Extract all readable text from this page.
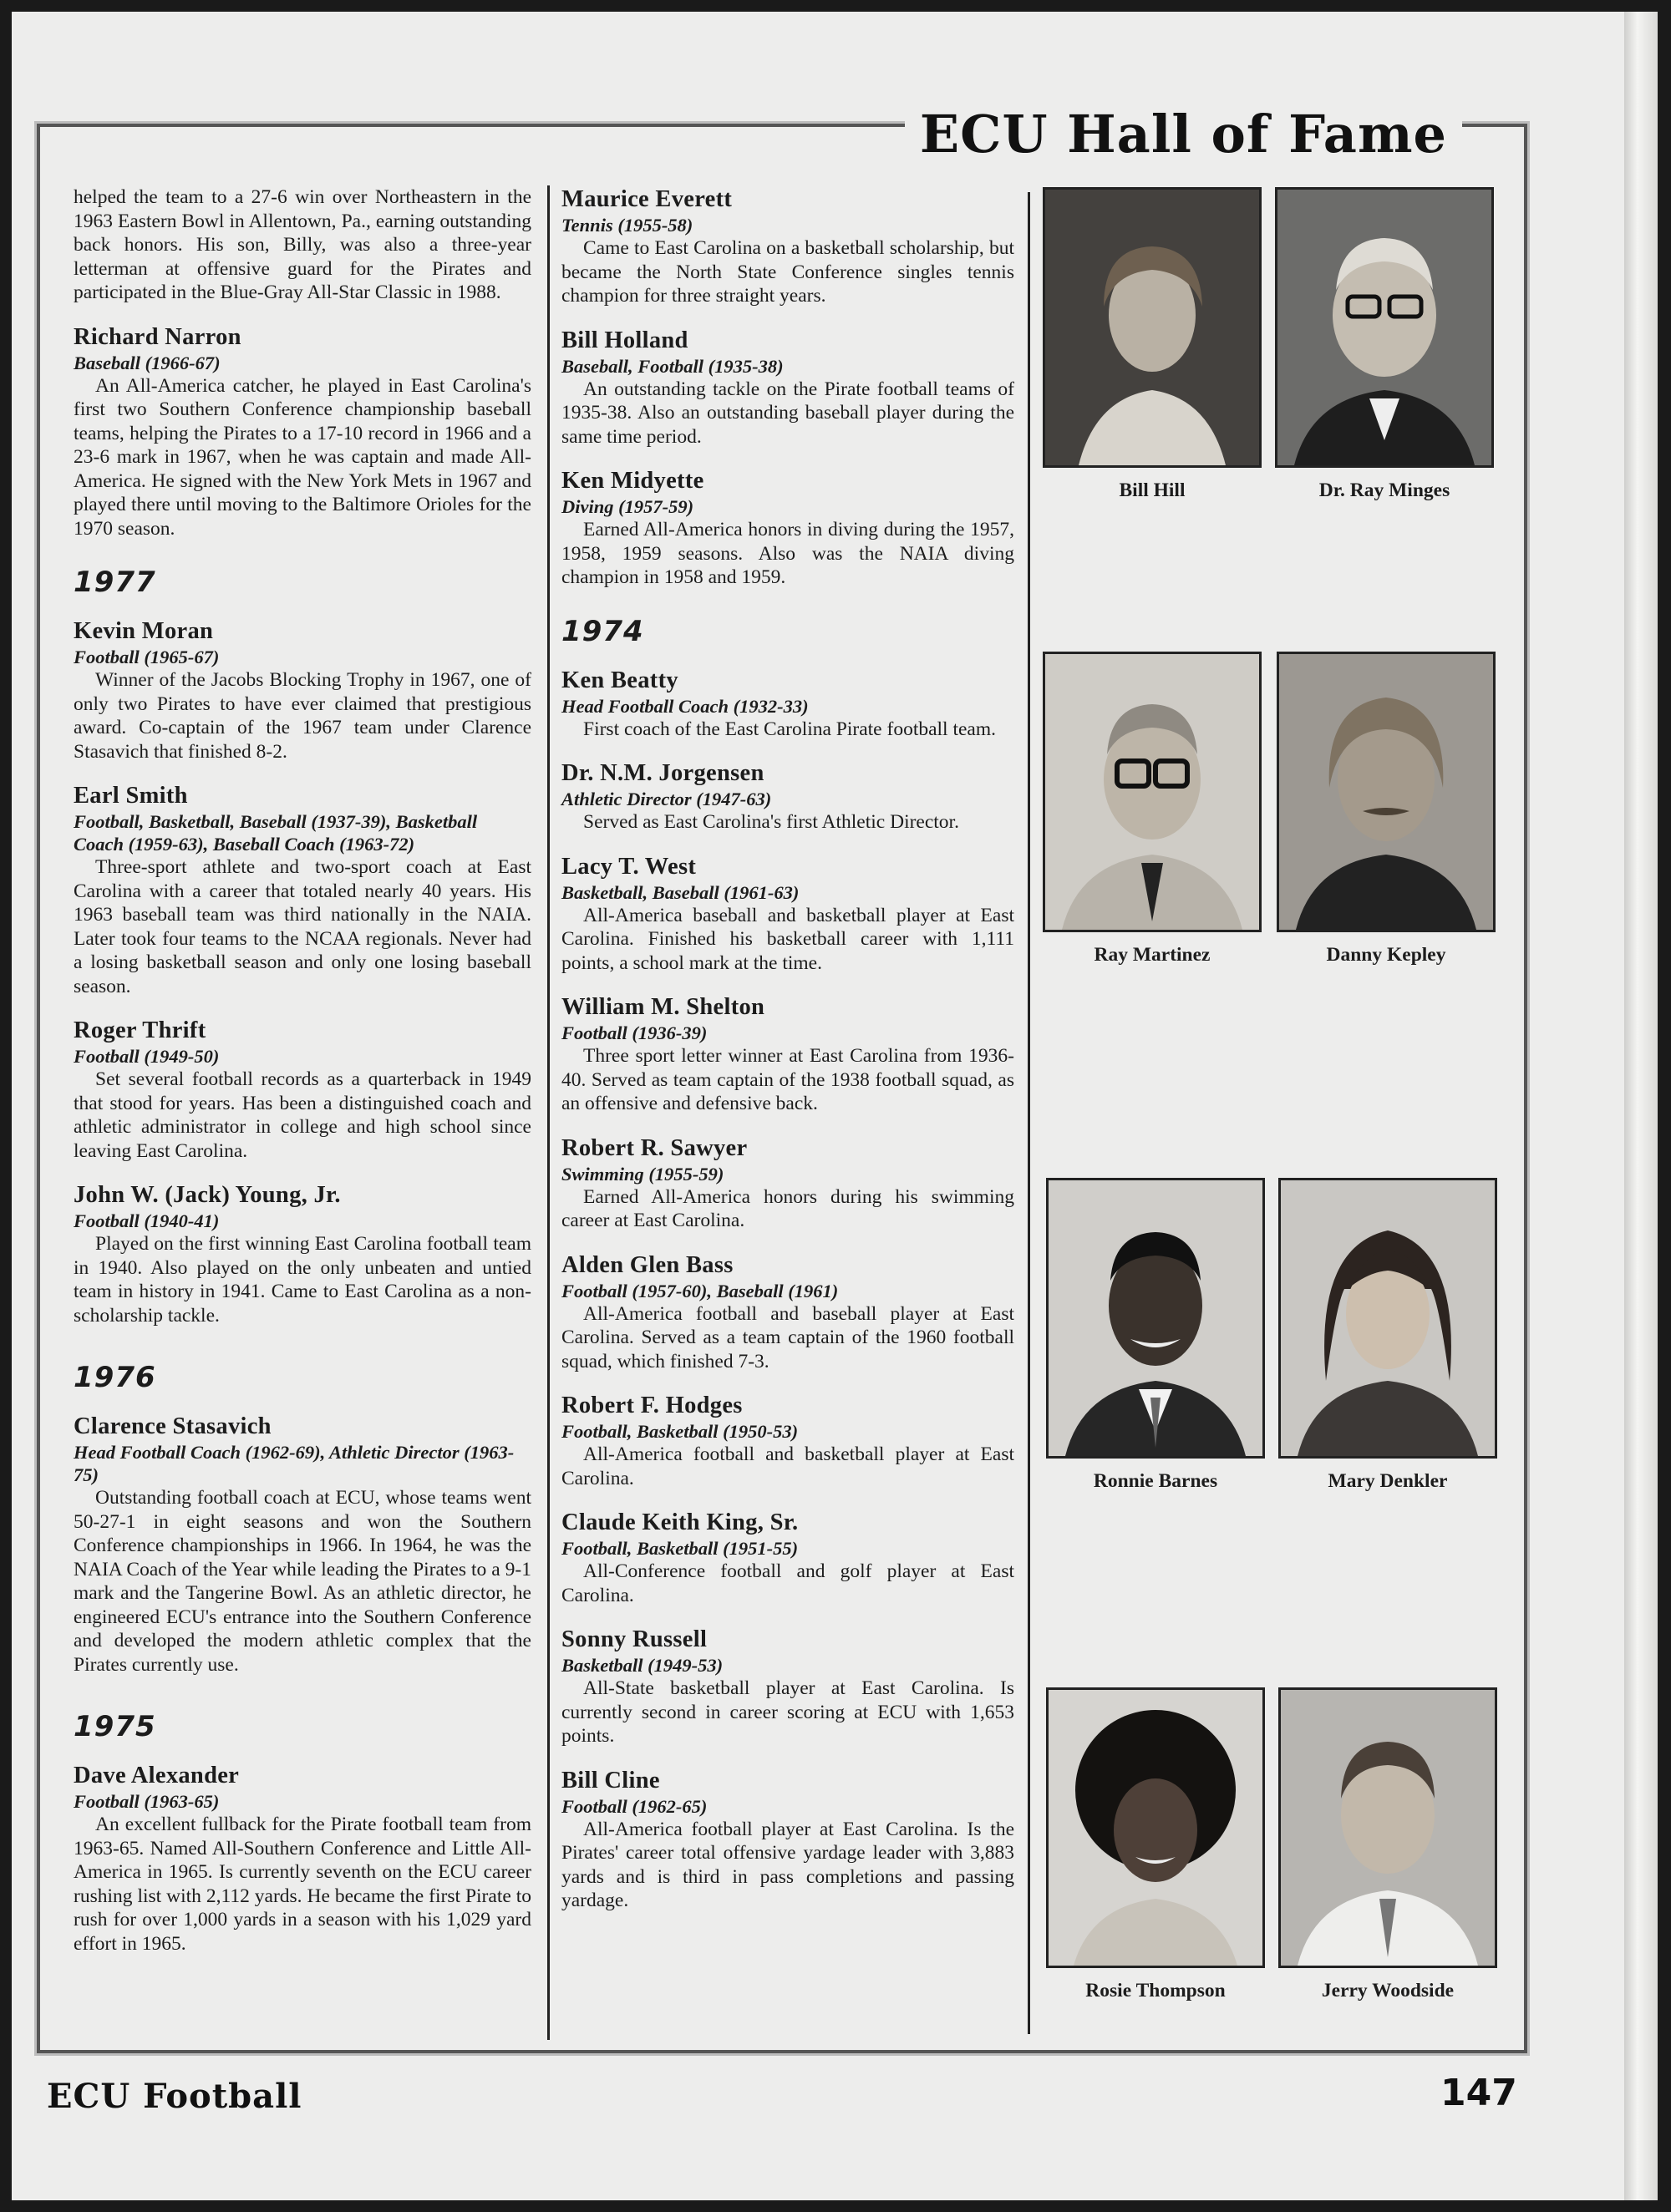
ECU Hall of Fame

helped the team to a 27-6 win over Northeastern in the 1963 Eastern Bowl in Allentown, Pa., earning outstanding back honors. His son, Billy, was also a three-year letterman at offensive guard for the Pirates and participated in the Blue-Gray All-Star Classic in 1988.

Richard Narron
Baseball (1966-67)

An All-America catcher, he played in East Carolina's first two Southern Conference championship baseball teams, helping the Pirates to a 17-10 record in 1966 and a 23-6 mark in 1967, when he was captain and made All-America. He signed with the New York Mets in 1967 and played there until moving to the Baltimore Orioles for the 1970 season.

1977
Kevin Moran
Football (1965-67)

Winner of the Jacobs Blocking Trophy in 1967, one of only two Pirates to have ever claimed that prestigious award. Co-captain of the 1967 team under Clarence Stasavich that finished 8-2.

Earl Smith
Football, Basketball, Baseball (1937-39), Basketball Coach (1959-63), Baseball Coach (1963-72)

Three-sport athlete and two-sport coach at East Carolina with a career that totaled nearly 40 years. His 1963 baseball team was third nationally in the NAIA. Later took four teams to the NCAA regionals. Never had a losing basketball season and only one losing baseball season.

Roger Thrift
Football (1949-50)

Set several football records as a quarterback in 1949 that stood for years. Has been a distinguished coach and athletic administrator in college and high school since leaving East Carolina.

John W. (Jack) Young, Jr.
Football (1940-41)

Played on the first winning East Carolina football team in 1940. Also played on the only unbeaten and untied team in history in 1941. Came to East Carolina as a non-scholarship tackle.

1976
Clarence Stasavich
Head Football Coach (1962-69), Athletic Director (1963-75)

Outstanding football coach at ECU, whose teams went 50-27-1 in eight seasons and won the Southern Conference championships in 1966. In 1964, he was the NAIA Coach of the Year while leading the Pirates to a 9-1 mark and the Tangerine Bowl. As an athletic director, he engineered ECU's entrance into the Southern Conference and developed the modern athletic complex that the Pirates currently use.

1975
Dave Alexander
Football (1963-65)

An excellent fullback for the Pirate football team from 1963-65. Named All-Southern Conference and Little All-America in 1965. Is currently seventh on the ECU career rushing list with 2,112 yards. He became the first Pirate to rush for over 1,000 yards in a season with his 1,029 yard effort in 1965.

Maurice Everett
Tennis (1955-58)

Came to East Carolina on a basketball scholarship, but became the North State Conference singles tennis champion for three straight years.

Bill Holland
Baseball, Football (1935-38)

An outstanding tackle on the Pirate football teams of 1935-38. Also an outstanding baseball player during the same time period.

Ken Midyette
Diving (1957-59)

Earned All-America honors in diving during the 1957, 1958, 1959 seasons. Also was the NAIA diving champion in 1958 and 1959.

1974
Ken Beatty
Head Football Coach (1932-33)

First coach of the East Carolina Pirate football team.

Dr. N.M. Jorgensen
Athletic Director (1947-63)

Served as East Carolina's first Athletic Director.

Lacy T. West
Basketball, Baseball (1961-63)

All-America baseball and basketball player at East Carolina. Finished his basketball career with 1,111 points, a school mark at the time.

William M. Shelton
Football (1936-39)

Three sport letter winner at East Carolina from 1936-40. Served as team captain of the 1938 football squad, as an offensive and defensive back.

Robert R. Sawyer
Swimming (1955-59)

Earned All-America honors during his swimming career at East Carolina.

Alden Glen Bass
Football (1957-60), Baseball (1961)

All-America football and baseball player at East Carolina. Served as a team captain of the 1960 football squad, which finished 7-3.

Robert F. Hodges
Football, Basketball (1950-53)

All-America football and basketball player at East Carolina.

Claude Keith King, Sr.
Football, Basketball (1951-55)

All-Conference football and golf player at East Carolina.

Sonny Russell
Basketball (1949-53)

All-State basketball player at East Carolina. Is currently second in career scoring at ECU with 1,653 points.

Bill Cline
Football (1962-65)

All-America football player at East Carolina. Is the Pirates' career total offensive yardage leader with 3,883 yards and is third in pass completions and passing yardage.

Bill Hill	Dr. Ray Minges
Ray Martinez	Danny Kepley
Ronnie Barnes	Mary Denkler
Rosie Thompson	Jerry Woodside
ECU Football	147
